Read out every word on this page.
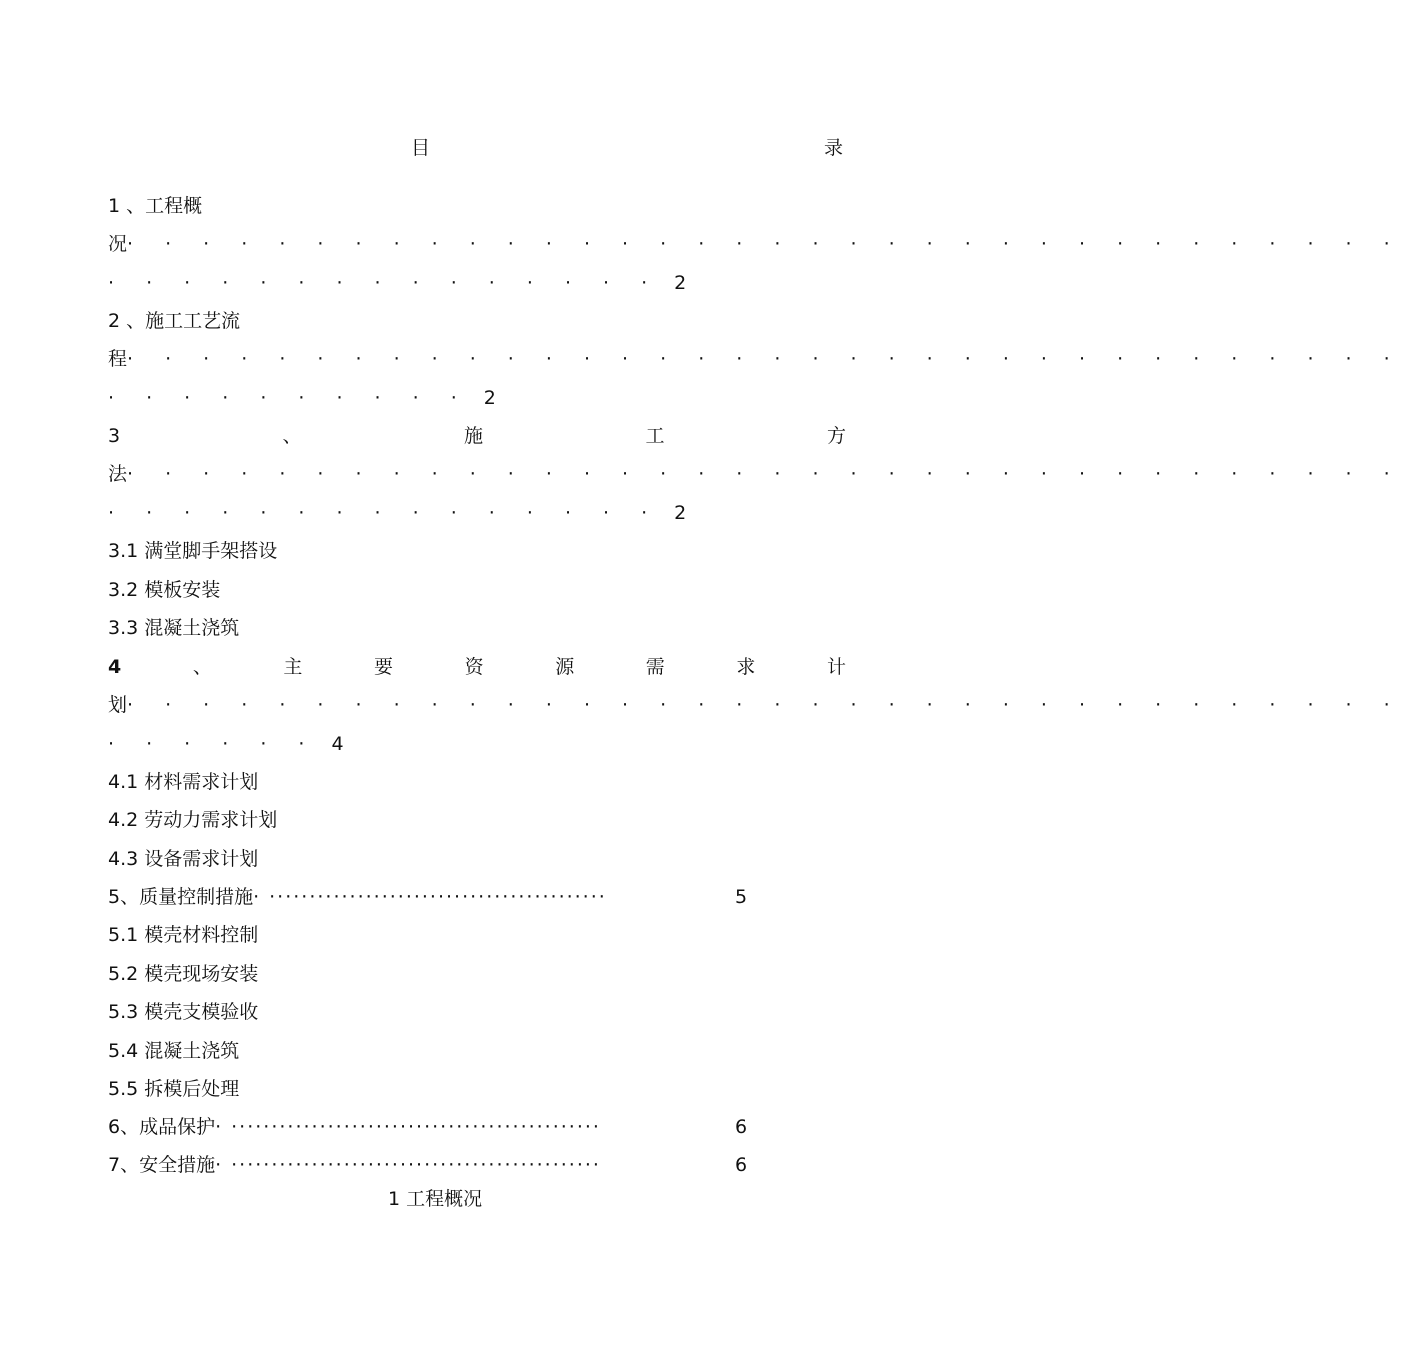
目	录
1 、工程概
况· · · · · · · · · · · · · · · · · · · · · · · · · · · · · · · · · ·
· · · · · · · · · · · · · · · 2
2 、施工工艺流
程· · · · · · · · · · · · · · · · · · · · · · · · · · · · · · · · · ·
· · · · · · · · · · 2
3	、	施	工	方
法· · · · · · · · · · · · · · · · · · · · · · · · · · · · · · · · · ·
· · · · · · · · · · · · · · · 2
3.1 满堂脚手架搭设
3.2 模板安装
3.3 混凝土浇筑
4	、	主	要	资	源	需	求	计
划· · · · · · · · · · · · · · · · · · · · · · · · · · · · · · · · · ·
· · · · · · 4
4.1 材料需求计划
4.2 劳动力需求计划
4.3 设备需求计划
5、质量控制措施· ··········································	5
5.1 模壳材料控制
5.2 模壳现场安装
5.3 模壳支模验收
5.4 混凝土浇筑
5.5 拆模后处理
6、成品保护· ··············································	6
7、安全措施· ··············································	6
1 工程概况
